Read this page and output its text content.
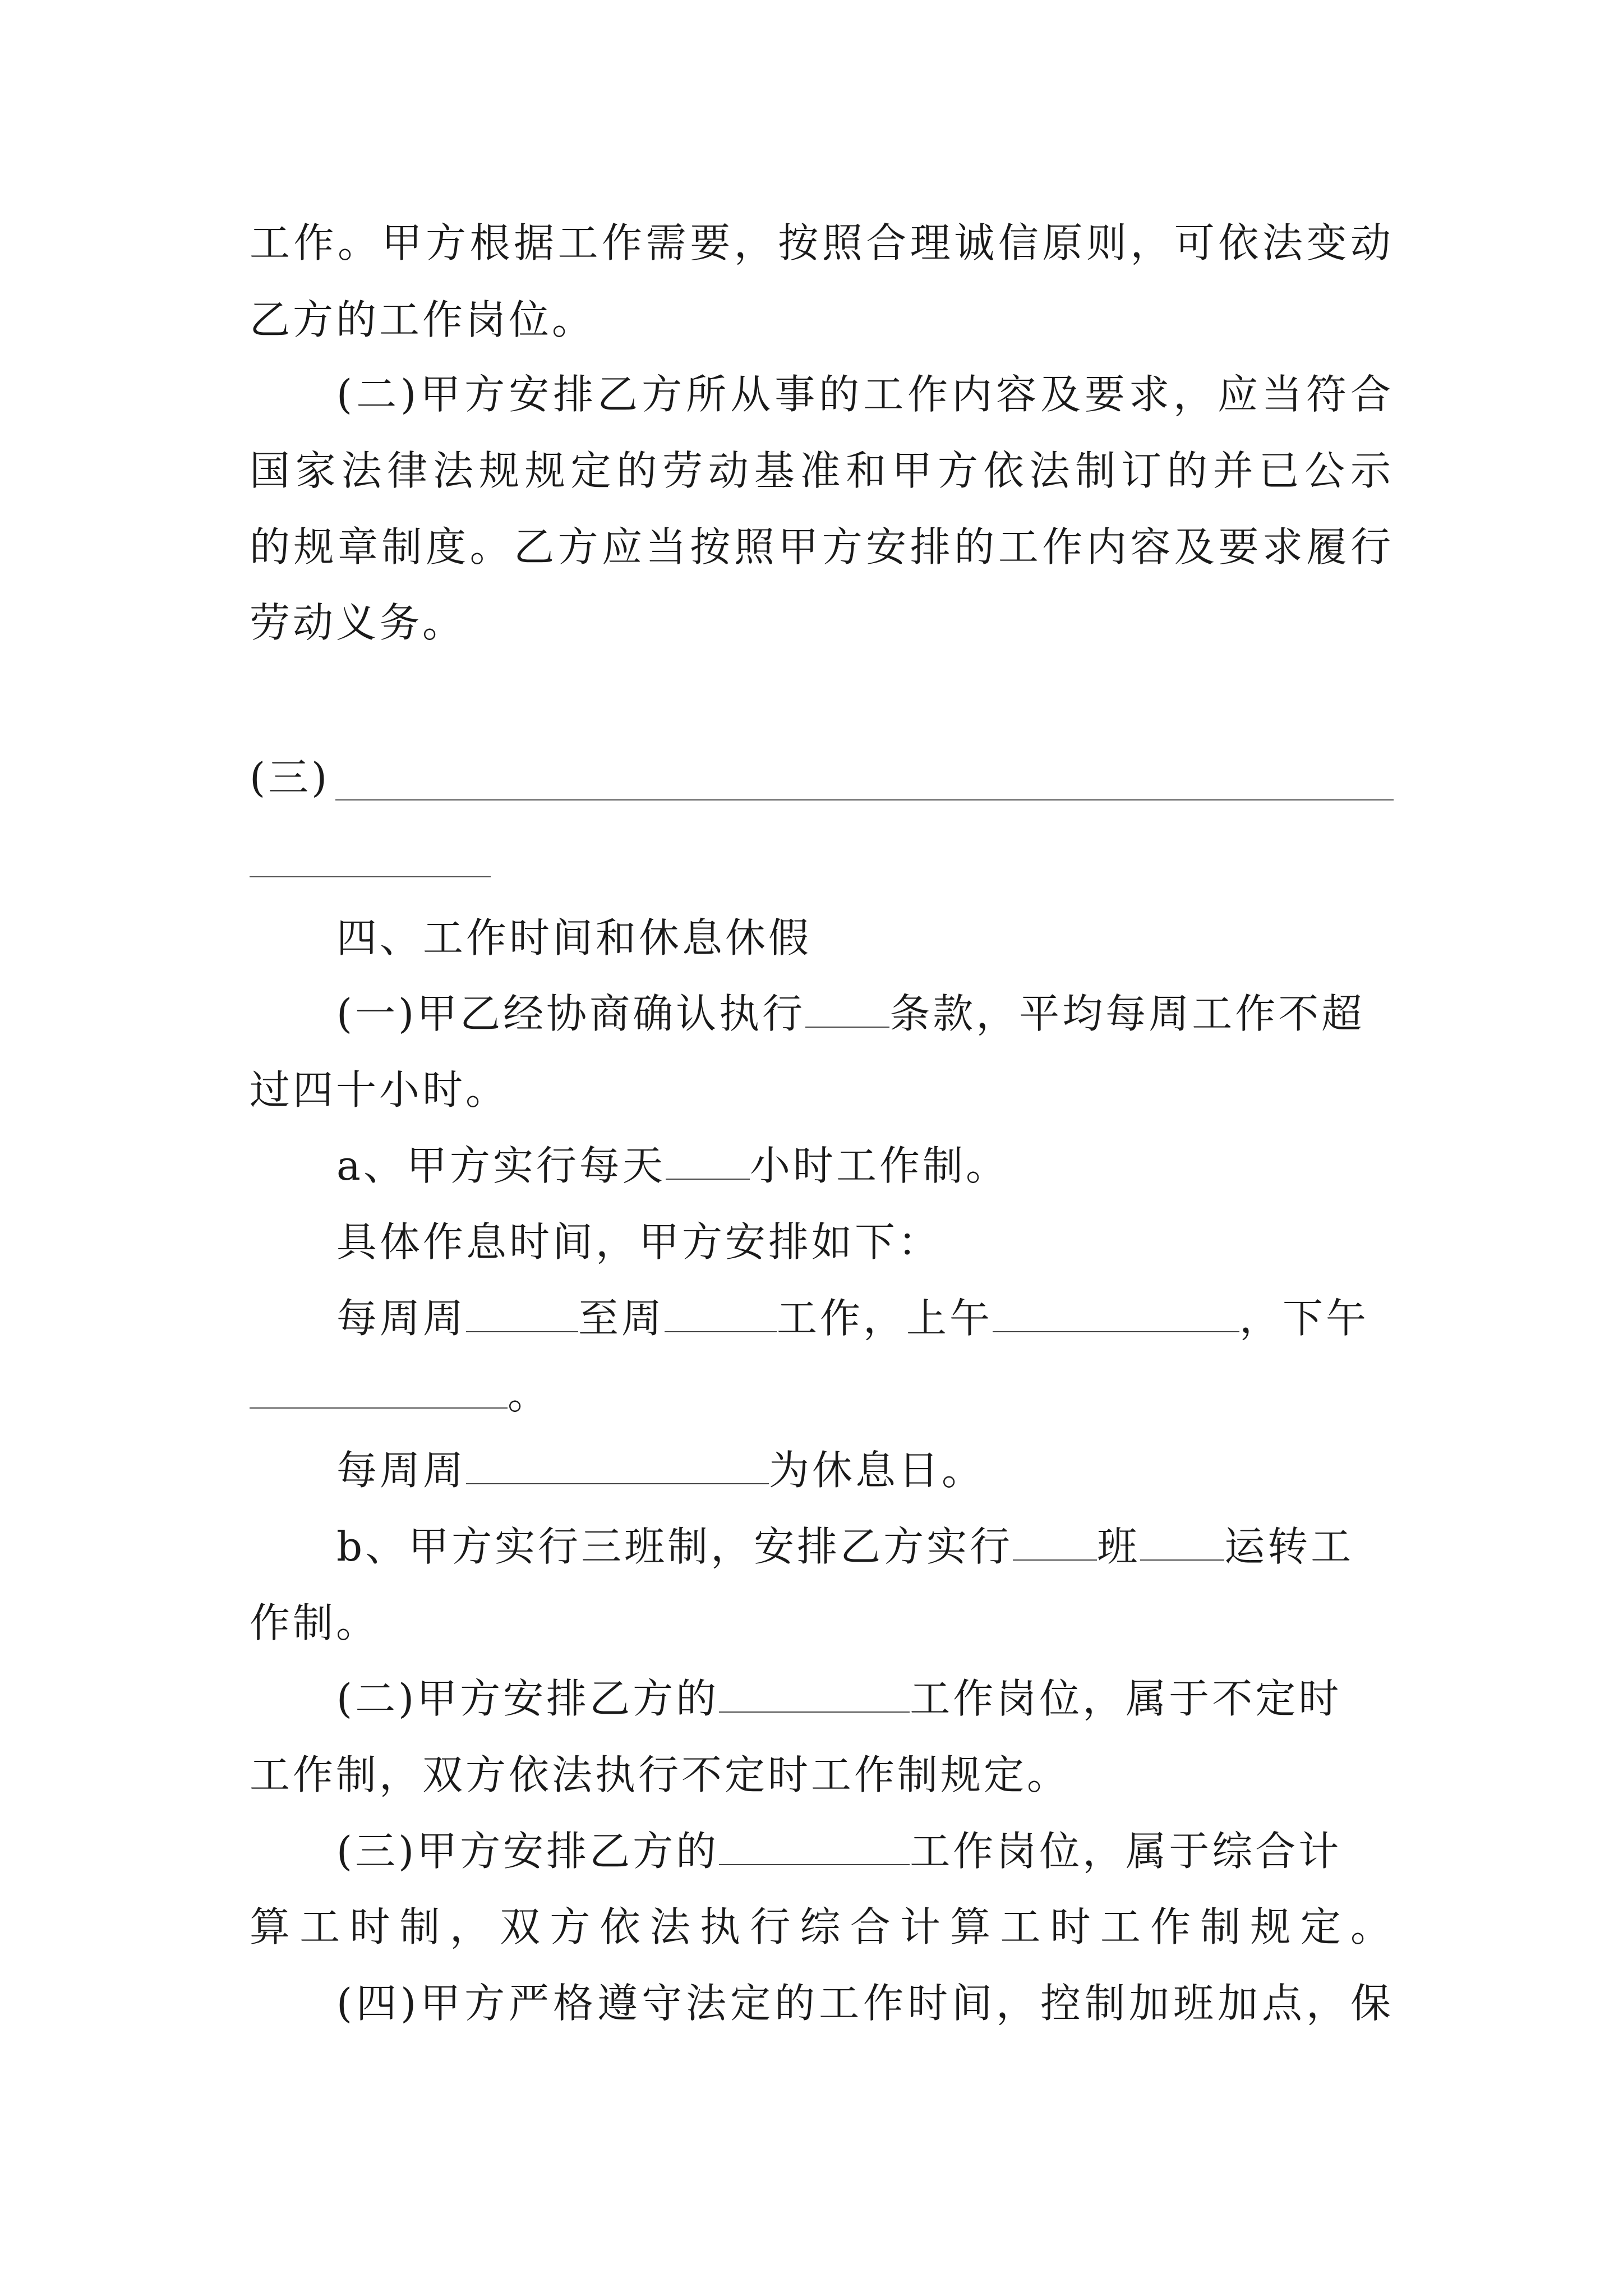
工作。甲方根据工作需要，按照合理诚信原则，可依法变动
乙方的工作岗位。
(二)甲方安排乙方所从事的工作内容及要求，应当符合
国家法律法规规定的劳动基准和甲方依法制订的并已公示
的规章制度。乙方应当按照甲方安排的工作内容及要求履行
劳动义务。
(三)
四、工作时间和休息休假
(一)甲乙经协商确认执行 条款，平均每周工作不超
过四十小时。
a、甲方实行每天 小时工作制。
具体作息时间，甲方安排如下：
每周周	至周	工作，上午	，下午
。
每周周	为休息日。
b、甲方实行三班制，安排乙方实行 班 运转工
作制。
(二)甲方安排乙方的	工作岗位，属于不定时
工作制，双方依法执行不定时工作制规定。
(三)甲方安排乙方的	工作岗位，属于综合计
算工时制，双方依法执行综合计算工时工作制规定。
(四)甲方严格遵守法定的工作时间，控制加班加点，保
